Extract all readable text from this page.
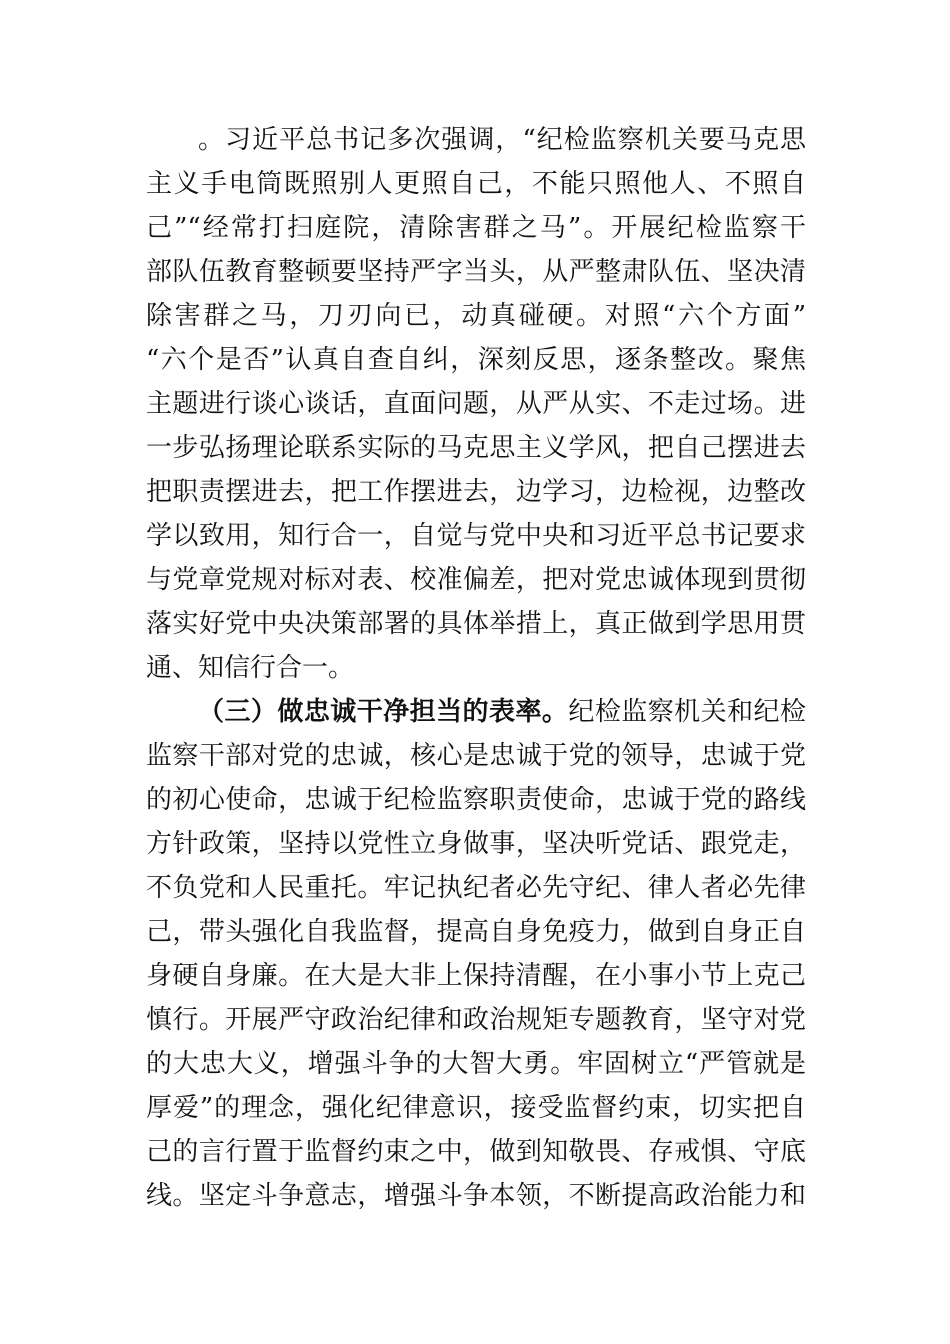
。习近平总书记多次强调，“纪检监察机关要马克思
主义手电筒既照别人更照自己，不能只照他人、不照自
己”“经常打扫庭院，清除害群之马”。开展纪检监察干
部队伍教育整顿要坚持严字当头，从严整肃队伍、坚决清
除害群之马，刀刃向已，动真碰硬。对照“六个方面”
“六个是否”认真自查自纠，深刻反思，逐条整改。聚焦
主题进行谈心谈话，直面问题，从严从实、不走过场。进
一步弘扬理论联系实际的马克思主义学风，把自己摆进去
把职责摆进去，把工作摆进去，边学习，边检视，边整改
学以致用，知行合一，自觉与党中央和习近平总书记要求
与党章党规对标对表、校准偏差，把对党忠诚体现到贯彻
落实好党中央决策部署的具体举措上，真正做到学思用贯
通、知信行合一。
（三）做忠诚干净担当的表率。纪检监察机关和纪检
监察干部对党的忠诚，核心是忠诚于党的领导，忠诚于党
的初心使命，忠诚于纪检监察职责使命，忠诚于党的路线
方针政策，坚持以党性立身做事，坚决听党话、跟党走，
不负党和人民重托。牢记执纪者必先守纪、律人者必先律
己，带头强化自我监督，提高自身免疫力，做到自身正自
身硬自身廉。在大是大非上保持清醒，在小事小节上克己
慎行。开展严守政治纪律和政治规矩专题教育，坚守对党
的大忠大义，增强斗争的大智大勇。牢固树立“严管就是
厚爱”的理念，强化纪律意识，接受监督约束，切实把自
己的言行置于监督约束之中，做到知敬畏、存戒惧、守底
线。坚定斗争意志，增强斗争本领，不断提高政治能力和
